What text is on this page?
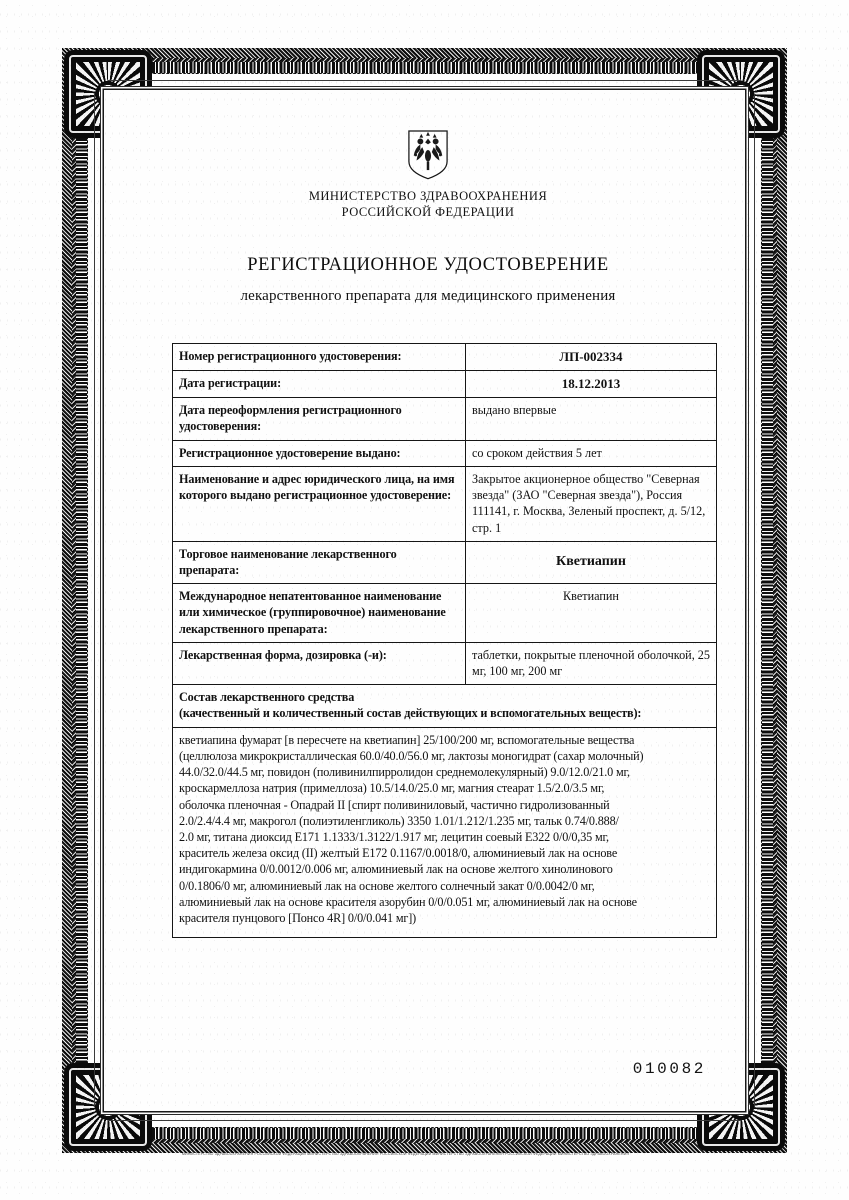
МИНИСТЕРСТВО ЗДРАВООХРАНЕНИЯ РОССИЙСКОЙ ФЕДЕРАЦИИ МИНИСТЕРСТВО ЗДРАВООХРАНЕНИЯ РОССИЙСКОЙ ФЕДЕРАЦИИ МИНИСТЕРСТВО ЗДРАВООХРАНЕНИЯ РОССИЙСКОЙ ФЕДЕРАЦИИ МИНИСТЕРСТВО ЗДРАВООХРАНЕНИЯ
МИНИСТЕРСТВО ЗДРАВООХРАНЕНИЯ
РОССИЙСКОЙ ФЕДЕРАЦИИ
РЕГИСТРАЦИОННОЕ УДОСТОВЕРЕНИЕ
лекарственного препарата для медицинского применения
Номер регистрационного удостоверения:	ЛП-002334
Дата регистрации:	18.12.2013
Дата переоформления регистрационного удостоверения:	выдано впервые
Регистрационное удостоверение выдано:	со сроком действия 5 лет
Наименование и адрес юридического лица, на имя которого выдано регистрационное удостоверение:	Закрытое акционерное общество "Северная звезда" (ЗАО "Северная звезда"), Россия 111141, г. Москва, Зеленый проспект, д. 5/12, стр. 1
Торговое наименование лекарственного препарата:	Кветиапин
Международное непатентованное наименование или химическое (группировочное) наименование лекарственного препарата:	Кветиапин
Лекарственная форма, дозировка (-и):	таблетки, покрытые пленочной оболочкой, 25 мг, 100 мг, 200 мг

Состав лекарственного средства
(качественный и количественный состав действующих и вспомогательных веществ):	

кветиапина фумарат [в пересчете на кветиапин] 25/100/200 мг, вспомогательные вещества
(целлюлоза микрокристаллическая 60.0/40.0/56.0 мг, лактозы моногидрат (сахар молочный)
44.0/32.0/44.5 мг, повидон (поливинилпирролидон среднемолекулярный) 9.0/12.0/21.0 мг,
кроскармеллоза натрия (примеллоза) 10.5/14.0/25.0 мг, магния стеарат 1.5/2.0/3.5 мг,
оболочка пленочная - Опадрай II [спирт поливиниловый, частично гидролизованный
2.0/2.4/4.4 мг, макрогол (полиэтиленгликоль) 3350 1.01/1.212/1.235 мг, тальк 0.74/0.888/
2.0 мг, титана диоксид E171 1.1333/1.3122/1.917 мг, лецитин соевый E322 0/0/0,35 мг,
краситель железа оксид (II) желтый E172 0.1167/0.0018/0, алюминиевый лак на основе
индигокармина 0/0.0012/0.006 мг, алюминиевый лак на основе желтого хинолинового
0/0.1806/0 мг, алюминиевый лак на основе желтого солнечный закат 0/0.0042/0 мг,
алюминиевый лак на основе красителя азорубин 0/0/0.051 мг, алюминиевый лак на основе
красителя пунцового [Понсо 4R] 0/0/0.041 мг])
010082
